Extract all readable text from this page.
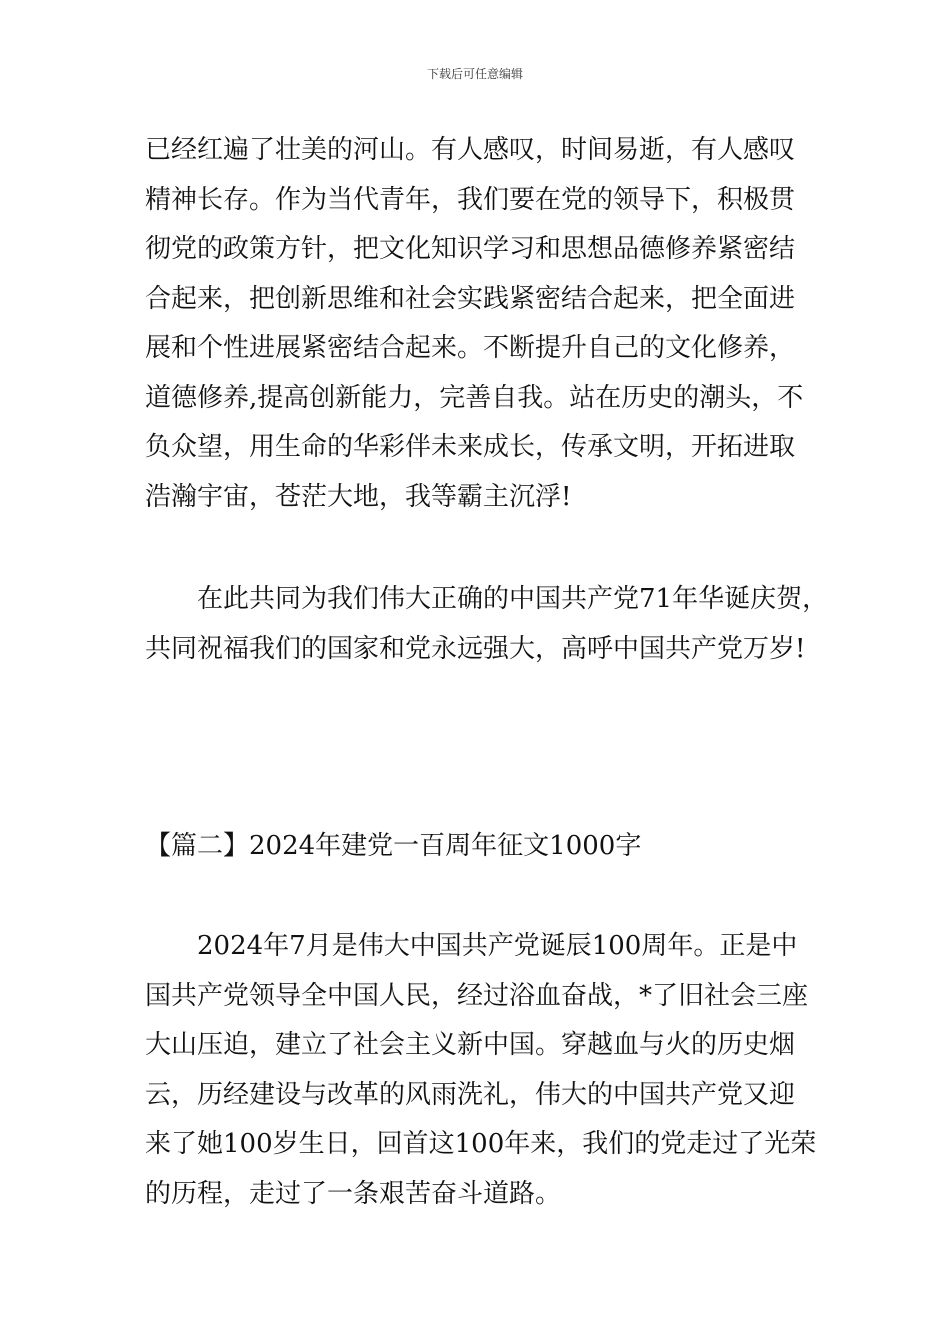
下载后可任意编辑
已经红遍了壮美的河山。有人感叹，时间易逝，有人感叹
精神长存。作为当代青年，我们要在党的领导下，积极贯
彻党的政策方针，把文化知识学习和思想品德修养紧密结
合起来，把创新思维和社会实践紧密结合起来，把全面进
展和个性进展紧密结合起来。不断提升自己的文化修养，
道德修养,提高创新能力，完善自我。站在历史的潮头，不
负众望，用生命的华彩伴未来成长，传承文明，开拓进取
浩瀚宇宙，苍茫大地，我等霸主沉浮!
在此共同为我们伟大正确的中国共产党71年华诞庆贺，
共同祝福我们的国家和党永远强大，高呼中国共产党万岁!
【篇二】2024年建党一百周年征文1000字
2024年7月是伟大中国共产党诞辰100周年。正是中
国共产党领导全中国人民，经过浴血奋战，*了旧社会三座
大山压迫，建立了社会主义新中国。穿越血与火的历史烟
云，历经建设与改革的风雨洗礼，伟大的中国共产党又迎
来了她100岁生日，回首这100年来，我们的党走过了光荣
的历程，走过了一条艰苦奋斗道路。
